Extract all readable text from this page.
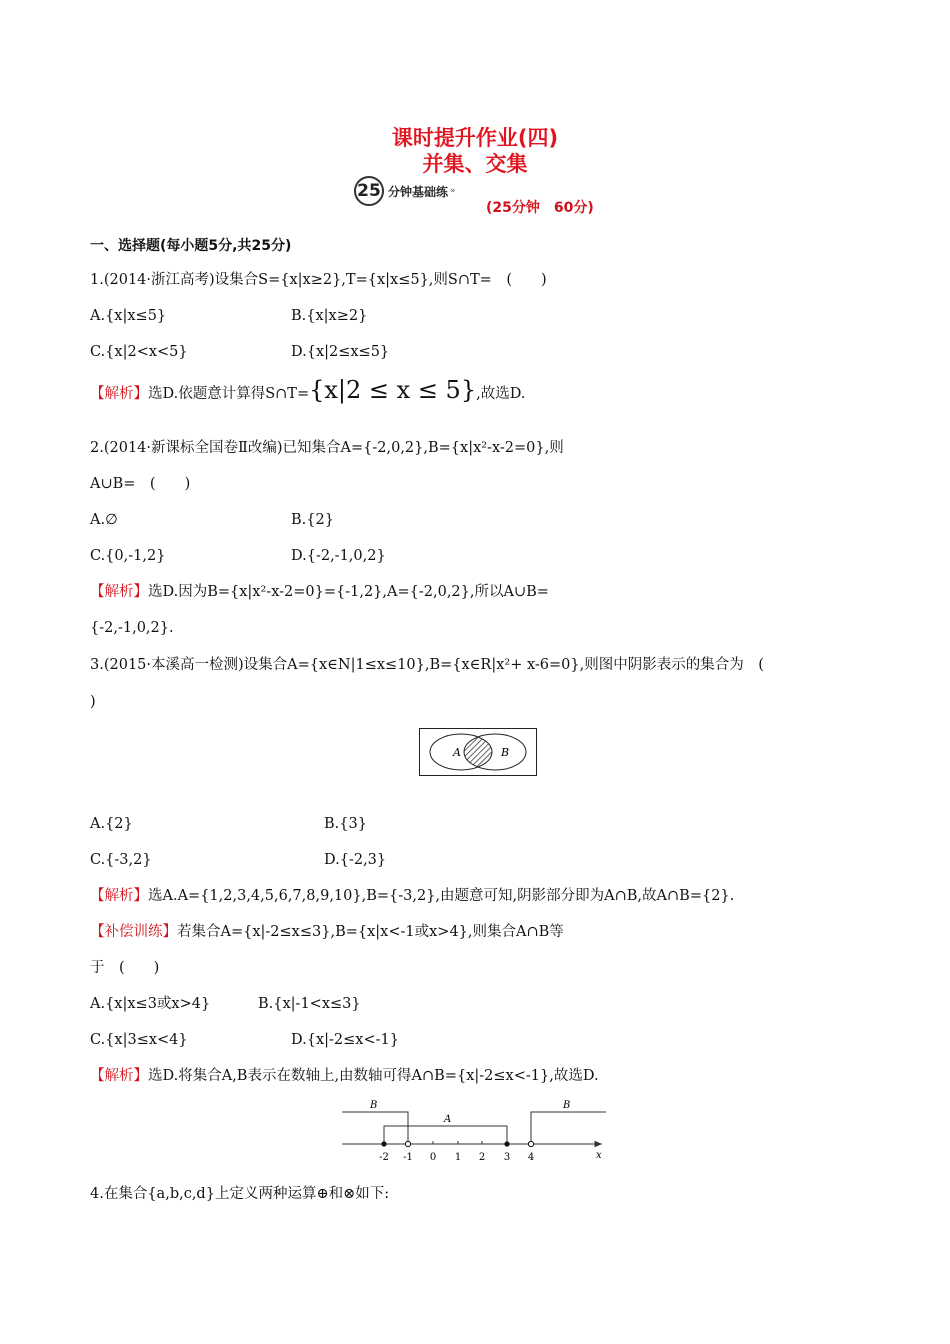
课时提升作业(四)
并集、交集
25 分钟基础练 »
(25分钟　60分)
一、选择题(每小题5分,共25分)
1.(2014·浙江高考)设集合S={x|x≥2},T={x|x≤5},则S∩T=　(　　)
A.{x|x≤5}	B.{x|x≥2}
C.{x|2<x<5}	D.{x|2≤x≤5}
【解析】选D.依题意计算得S∩T={x|2 ≤ x ≤ 5},故选D.
2.(2014·新课标全国卷Ⅱ改编)已知集合A={-2,0,2},B={x|x²-x-2=0},则
A∪B=　(　　)
A.∅	B.{2}
C.{0,-1,2}	D.{-2,-1,0,2}
【解析】选D.因为B={x|x²-x-2=0}={-1,2},A={-2,0,2},所以A∪B=
{-2,-1,0,2}.
3.(2015·本溪高一检测)设集合A={x∈N|1≤x≤10},B={x∈R|x²+ x-6=0},则图中阴影表示的集合为　(
)
A	B
A.{2}	B.{3}
C.{-3,2}	D.{-2,3}
【解析】选A.A={1,2,3,4,5,6,7,8,9,10},B={-3,2},由题意可知,阴影部分即为A∩B,故A∩B={2}.
【补偿训练】若集合A={x|-2≤x≤3},B={x|x<-1或x>4},则集合A∩B等
于　(　　)
A.{x|x≤3或x>4}	B.{x|-1<x≤3}
C.{x|3≤x<4}	D.{x|-2≤x<-1}
【解析】选D.将集合A,B表示在数轴上,由数轴可得A∩B={x|-2≤x<-1},故选D.
B	B
A
-2 -1 0 1 2 3 4	x
4.在集合{a,b,c,d}上定义两种运算⊕和⊗如下:
